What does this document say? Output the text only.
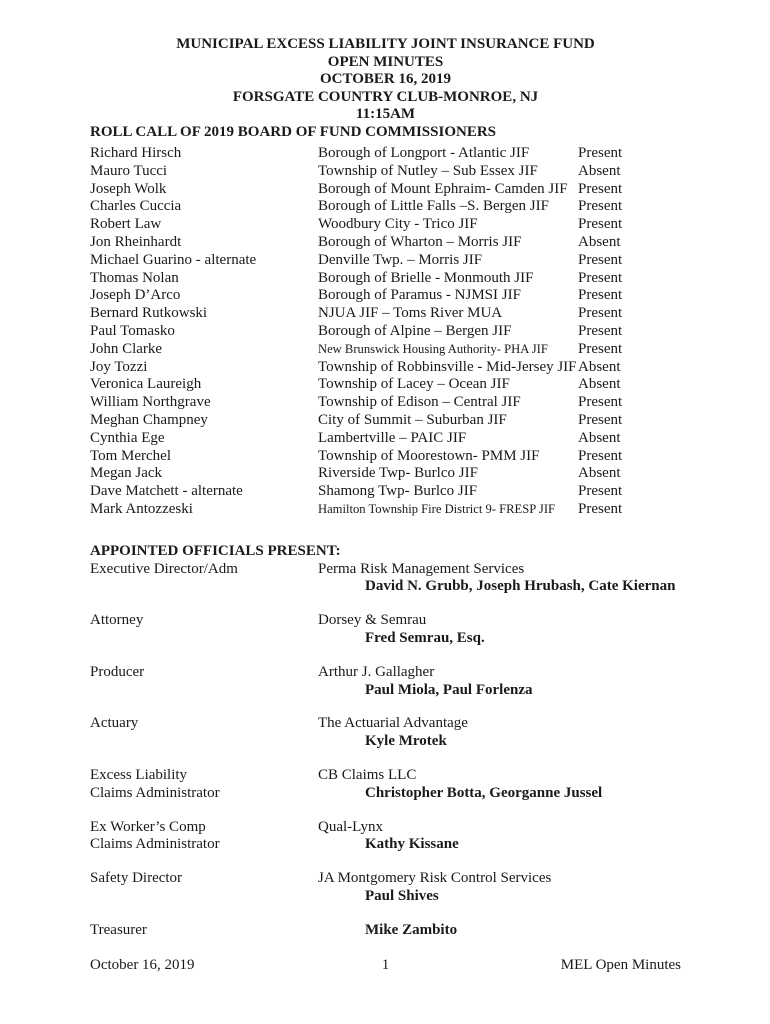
MUNICIPAL EXCESS LIABILITY JOINT INSURANCE FUND
OPEN MINUTES
OCTOBER 16, 2019
FORSGATE COUNTRY CLUB-MONROE, NJ
11:15AM
ROLL CALL OF 2019 BOARD OF FUND COMMISSIONERS
Richard Hirsch	Borough of Longport - Atlantic JIF	Present
Mauro Tucci	Township of Nutley – Sub Essex JIF	Absent
Joseph Wolk	Borough of Mount Ephraim- Camden JIF Present
Charles Cuccia	Borough of Little Falls –S. Bergen JIF	Present
Robert Law	Woodbury City - Trico JIF	Present
Jon Rheinhardt	Borough of Wharton – Morris JIF	Absent
Michael Guarino - alternate	Denville Twp. – Morris JIF	Present
Thomas Nolan	Borough of Brielle - Monmouth JIF	Present
Joseph D’Arco	Borough of Paramus - NJMSI JIF	Present
Bernard Rutkowski	NJUA JIF – Toms River MUA	Present
Paul Tomasko	Borough of Alpine – Bergen JIF	Present
John Clarke	New Brunswick Housing Authority- PHA JIF	Present
Joy Tozzi	Township of Robbinsville - Mid-Jersey JIF Absent
Veronica Laureigh	Township of Lacey – Ocean JIF	Absent
William Northgrave	Township of Edison – Central JIF	Present
Meghan Champney	City of Summit – Suburban JIF	Present
Cynthia Ege	Lambertville – PAIC JIF	Absent
Tom Merchel	Township of Moorestown- PMM JIF	Present
Megan Jack	Riverside Twp- Burlco JIF	Absent
Dave Matchett - alternate	Shamong Twp- Burlco JIF	Present
Mark Antozzeski	Hamilton Township Fire District 9- FRESP JIF	Present
APPOINTED OFFICIALS PRESENT:
Executive Director/Adm	Perma Risk Management Services
David N. Grubb, Joseph Hrubash, Cate Kiernan
Attorney	Dorsey & Semrau
Fred Semrau, Esq.
Producer	Arthur J. Gallagher
Paul Miola, Paul Forlenza
Actuary	The Actuarial Advantage
Kyle Mrotek
Excess Liability	CB Claims LLC
Claims Administrator	Christopher Botta, Georganne Jussel
Ex Worker’s Comp	Qual-Lynx
Claims Administrator	Kathy Kissane
Safety Director	JA Montgomery Risk Control Services
Paul Shives
Treasurer	Mike Zambito
October 16, 2019	1	MEL Open Minutes
